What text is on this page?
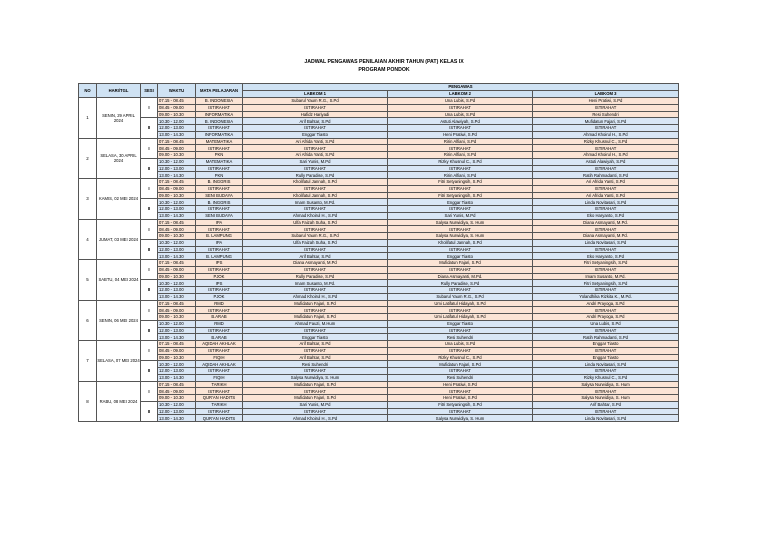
JADWAL PENGAWAS PENILAIAN AKHIR TAHUN (PAT) KELAS IX
PROGRAM PONDOK
NO	HARI/TGL	SESI	WAKTU	MATA PELAJARAN	PENGAWAS		
					LABKOM 1	LABKOM 2	LABKOM 3
1	SENIN, 29 APRIL 2024	I	07.15 - 08.45	B. INDONESIA	Subarul Yaum R.G., S.Pd	Una Lubis, S.Pd	Heni Pratiwi, S.Pd
			08.45 - 09.00	ISTIRAHAT	ISTIRAHAT	ISTIRAHAT	ISTIRAHAT
			09.00 - 10.30	INFORMATIKA	Hafidz Hariyadi	Una Lubis, S.Pd	Resi Suhendri
		II	10.30 - 12.00	B. INDONESIA	Arif Bahtar, S.Pd	Astuti Alawiyah, S.Pd	Mufidatun Fajari, S.Pd
			12.00 - 13.00	ISTIRAHAT	ISTIRAHAT	ISTIRAHAT	ISTIRAHAT
			13.00 - 14.30	INFORMATIKA	Enggar Tiasto	Heni Pratiwi, S.Pd	Ahmad Khoirul H., S.Pd
2	SELASA, 30 APRIL 2024	I	07.15 - 08.45	MATEMATIKA	Ari Afrida Yanti, S.Pd	Ririn Alfiani, S.Pd	Rizky Khusnul C., S.Pd
			08.45 - 09.00	ISTIRAHAT	ISTIRAHAT	ISTIRAHAT	ISTIRAHAT
			09.00 - 10.30	PKN	Ari Afrida Yanti, S.Pd	Ririn Alfiani, S.Pd	Ahmad Khoirul H., S.Pd
		II	10.30 - 12.00	MATEMATIKA	Sari Yunis, M.Pd	Rizky Khusnul C., S.Pd	Astuti Alawiyah, S.Pd
			12.00 - 13.00	ISTIRAHAT	ISTIRAHAT	ISTIRAHAT	ISTIRAHAT
			13.00 - 14.30	PKN	Rully Paradise, S.Pd	Ririn Alfiani, S.Pd	Ratih Rahmadanti, S.Pd
3	KAMIS, 02 MEI 2024	I	07.15 - 08.45	B. INGGRIS	Kholifatul Jannah, S.Pd	Fitri Setyaningsih, S.Pd	Ari Afrida Yanti, S.Pd
			08.45 - 09.00	ISTIRAHAT	ISTIRAHAT	ISTIRAHAT	ISTIRAHAT
			09.00 - 10.30	SENI BUDAYA	Kholifatul Jannah, S.Pd	Fitri Setyaningsih, S.Pd	Ari Afrida Yanti, S.Pd
		II	10.30 - 12.00	B. INGGRIS	Imam Susanto, M.Pd.	Enggar Tiasto	Linda Novitasari, S.Pd
			12.00 - 13.00	ISTIRAHAT	ISTIRAHAT	ISTIRAHAT	ISTIRAHAT
			13.00 - 14.30	SENI BUDAYA	Ahmad Khoirul H., S.Pd	Sari Yunis, M.Pd	Eko Haryanto, S.Pd
4	JUMAT, 03 MEI 2024	I	07.15 - 08.45	IPA	Ulfa Faizah Suha, S.Pd	Salysa Nurwidiya, S. Hum	Diana Asmayanti, M.Pd.
			08.45 - 09.00	ISTIRAHAT	ISTIRAHAT	ISTIRAHAT	ISTIRAHAT
			09.00 - 10.30	B. LAMPUNG	Subarul Yaum R.G., S.Pd	Salysa Nurwidiya, S. Hum	Diana Asmayanti, M.Pd.
		II	10.30 - 12.00	IPA	Ulfa Faizah Suha, S.Pd	Kholifatul Jannah, S.Pd	Linda Novitasari, S.Pd
			12.00 - 13.00	ISTIRAHAT	ISTIRAHAT	ISTIRAHAT	ISTIRAHAT
			13.00 - 14.30	B. LAMPUNG	Arif Bahtar, S.Pd	Enggar Tiasto	Eko Haryanto, S.Pd
5	SABTU, 04 MEI 2024	I	07.15 - 08.45	IPS	Diana Asmayanti, M.Pd	Mufidatun Fajari, S.Pd	Fitri Setyaningsih, S.Pd
			08.45 - 09.00	ISTIRAHAT	ISTIRAHAT	ISTIRAHAT	ISTIRAHAT
			09.00 - 10.30	PJOK	Rully Paradise, S.Pd	Diana Asmayanti, M.Pd.	Imam Susanto, M.Pd.
		II	10.30 - 12.00	IPS	Imam Susanto, M.Pd.	Rully Paradise, S.Pd	Fitri Setyaningsih, S.Pd
			12.00 - 13.00	ISTIRAHAT	ISTIRAHAT	ISTIRAHAT	ISTIRAHAT
			13.00 - 14.30	PJOK	Ahmad Khoirul H., S.Pd	Subarul Yaum R.G., S.Pd	Yolandhika Rizkita K., M.Pd.
6	SENIN, 06 MEI 2024	I	07.15 - 08.45	RMD	Mufidatun Fajari, S.Pd	Umi Latifatul Hidayah, S.Pd	Andri Prayoga, S.Pd
			08.45 - 09.00	ISTIRAHAT	ISTIRAHAT	ISTIRAHAT	ISTIRAHAT
			09.00 - 10.30	B.ARAB	Mufidatun Fajari, S.Pd	Umi Latifatul Hidayah, S.Pd	Andri Prayoga, S.Pd
		II	10.30 - 12.00	RMD	Ahmad Fauzi, M.Hum	Enggar Tiasto	Una Lubis, S.Pd
			12.00 - 13.00	ISTIRAHAT	ISTIRAHAT	ISTIRAHAT	ISTIRAHAT
			13.00 - 14.30	B.ARAB	Enggar Tiasto	Resi Suhendri	Ratih Rahmadanti, S.Pd
7	SELASA, 07 MEI 2024	I	07.15 - 08.45	AQIDAH AKHLAK	Arif Bahtar, S.Pd	Una Lubis, S.Pd	Enggar Tiasto
			08.45 - 09.00	ISTIRAHAT	ISTIRAHAT	ISTIRAHAT	ISTIRAHAT
			09.00 - 10.30	FIQIH	Arif Bahtar, S.Pd	Rizky Khusnul C., S.Pd	Enggar Tiasto
		II	10.30 - 12.00	AQIDAH AKHLAK	Resi Suhendri	Mufidatun Fajari, S.Pd	Linda Novitasari, S.Pd
			12.00 - 13.00	ISTIRAHAT	ISTIRAHAT	ISTIRAHAT	ISTIRAHAT
			13.00 - 14.30	FIQIH	Salysa Nurwidiya, S. Hum	Resi Suhendri	Rizky Khusnul C., S.Pd
8	RABU, 08 MEI 2024	I	07.15 - 08.45	TARIKH	Mufidatun Fajari, S.Pd	Heni Pratiwi, S.Pd	Salysa Nurwidiya, S. Hum
			08.45 - 09.00	ISTIRAHAT	ISTIRAHAT	ISTIRAHAT	ISTIRAHAT
			09.00 - 10.30	QUR'AN HADITS	Mufidatun Fajari, S.Pd	Heni Pratiwi, S.Pd	Salysa Nurwidiya, S. Hum
		II	10.30 - 12.00	TARIKH	Sari Yunis, M.Pd	Fitri Setyaningsih, S.Pd	Arif Bahtar, S.Pd
			12.00 - 13.00	ISTIRAHAT	ISTIRAHAT	ISTIRAHAT	ISTIRAHAT
			13.00 - 14.30	QUR'AN HADITS	Ahmad Khoirul H., S.Pd	Salysa Nurwidiya, S. Hum	Linda Novitasari, S.Pd
